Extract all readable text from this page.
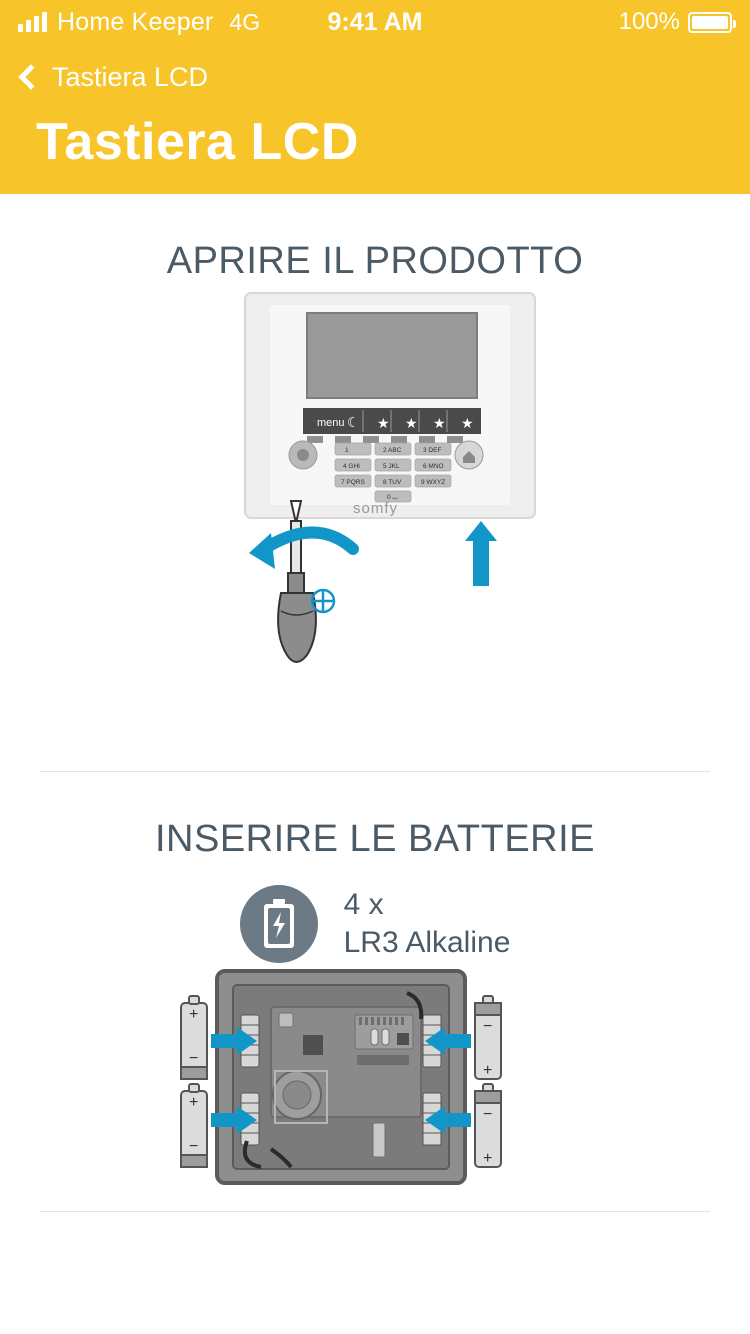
Home Keeper 4G	9:41 AM	100%
Tastiera LCD
Tastiera LCD
APRIRE IL PRODOTTO
menu ☾ ★ ★ ★ ★
1	2 ABC	3 DEF
4 GHI	5 JKL	6 MNO
7 PQRS	8 TUV	9 WXYZ
0 ⌴
somfy
INSERIRE LE BATTERIE
4 x
LR3 Alkaline
+
−
+
−
−
+
−
+
